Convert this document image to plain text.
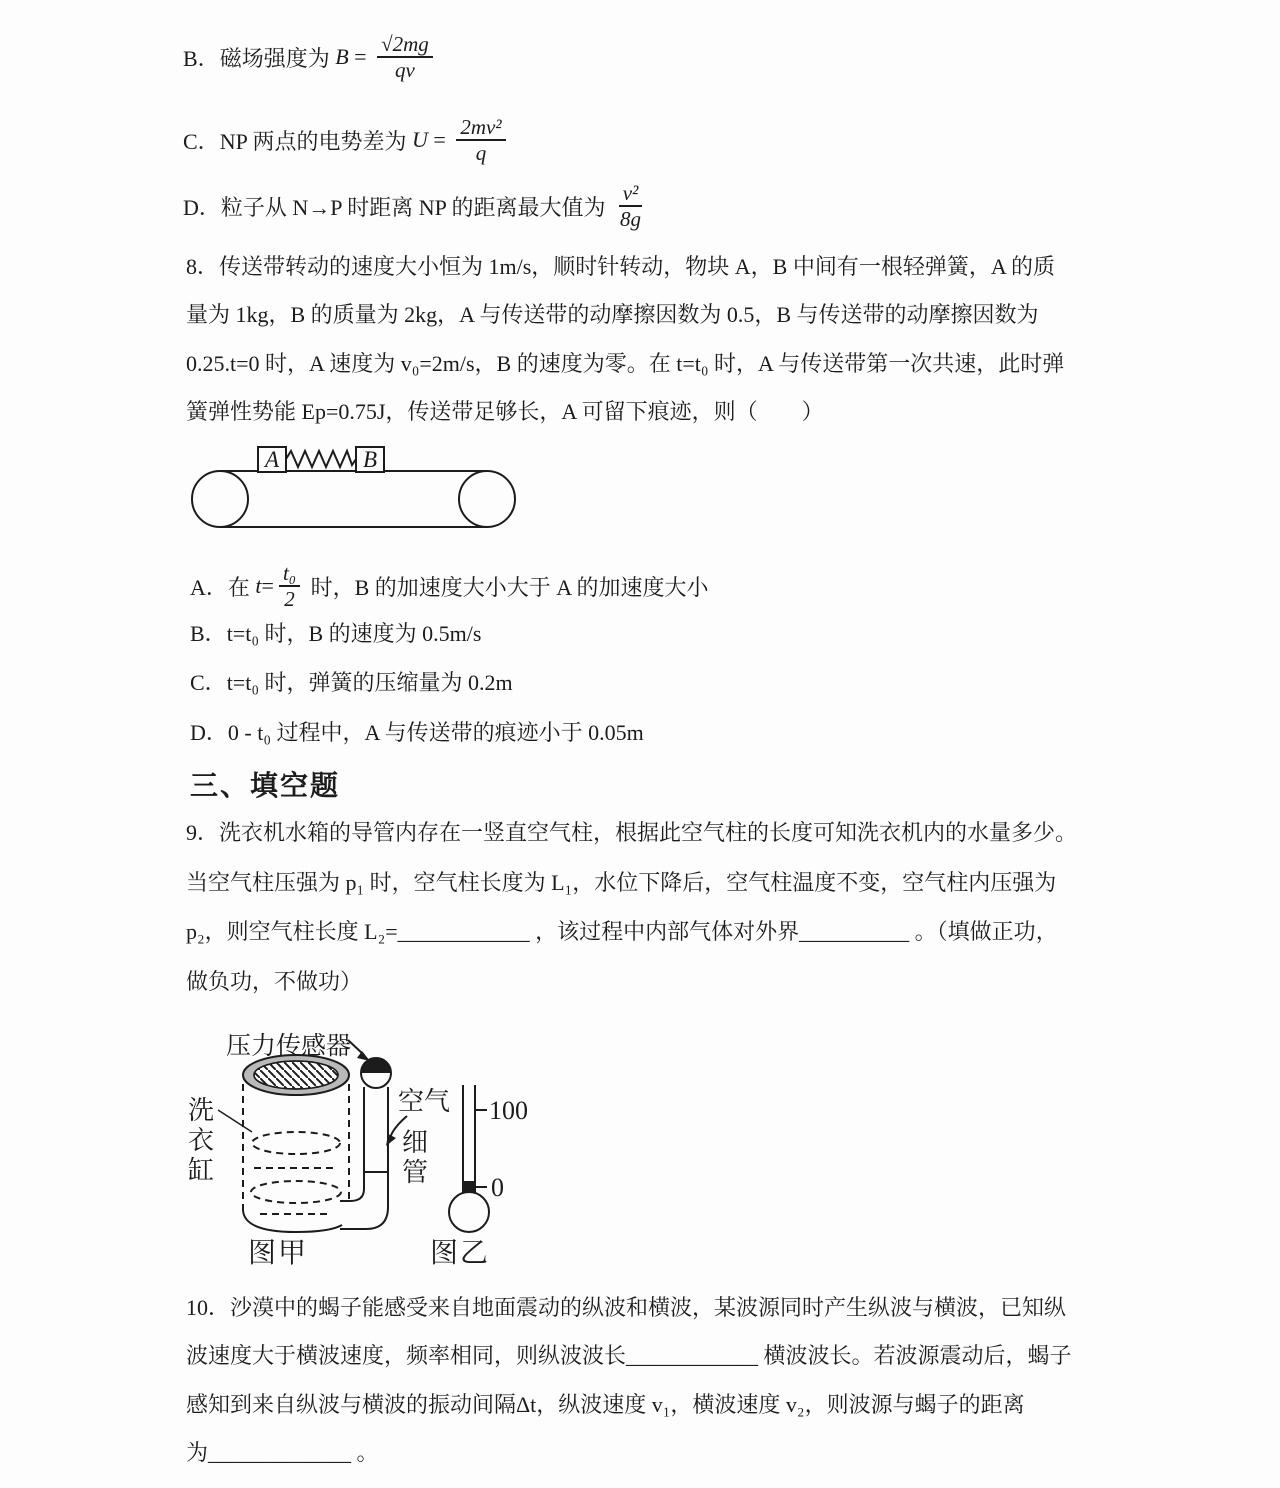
B． 磁场强度为 $B = \frac{√2mg}{qv}$
C． NP 两点的电势差为 $U = \frac{\text{2mv²}}{q}$
D． 粒子从 N→P 时距离 NP 的距离最大值为 $\frac{\text{v²}}{8g}$
8．传送带转动的速度大小恒为 1m/s，顺时针转动，物块 A，B 中间有一根轻弹簧，A 的质
量为 1kg，B 的质量为 2kg，A 与传送带的动摩擦因数为 0.5，B 与传送带的动摩擦因数为
0.25.t=0 时，A 速度为 v₀=2m/s，B 的速度为零。在 t=t₀ 时，A 与传送带第一次共速，此时弹
簧弹性势能 Ep=0.75J，传送带足够长，A 可留下痕迹，则（　　）
A	B
A． 在 $t = \frac{\text{t₀}}{2}$ 时，B 的加速度大小大于 A 的加速度大小
B． t=t₀ 时，B 的速度为 0.5m/s
C． t=t₀ 时，弹簧的压缩量为 0.2m
D． 0 - t₀ 过程中，A 与传送带的痕迹小于 0.05m
三、填空题
9．洗衣机水箱的导管内存在一竖直空气柱，根据此空气柱的长度可知洗衣机内的水量多少。
当空气柱压强为 p₁ 时，空气柱长度为 L₁，水位下降后，空气柱温度不变，空气柱内压强为
p₂，则空气柱长度 L₂=____________ ，该过程中内部气体对外界__________ 。（填做正功，
做负功，不做功）
压力传感器
洗
衣
缸
空气
细
管
图甲
100
0
图乙
10．沙漠中的蝎子能感受来自地面震动的纵波和横波，某波源同时产生纵波与横波，已知纵
波速度大于横波速度，频率相同，则纵波波长____________ 横波波长。若波源震动后，蝎子
感知到来自纵波与横波的振动间隔Δt，纵波速度 v₁，横波速度 v₂，则波源与蝎子的距离
为_____________ 。
